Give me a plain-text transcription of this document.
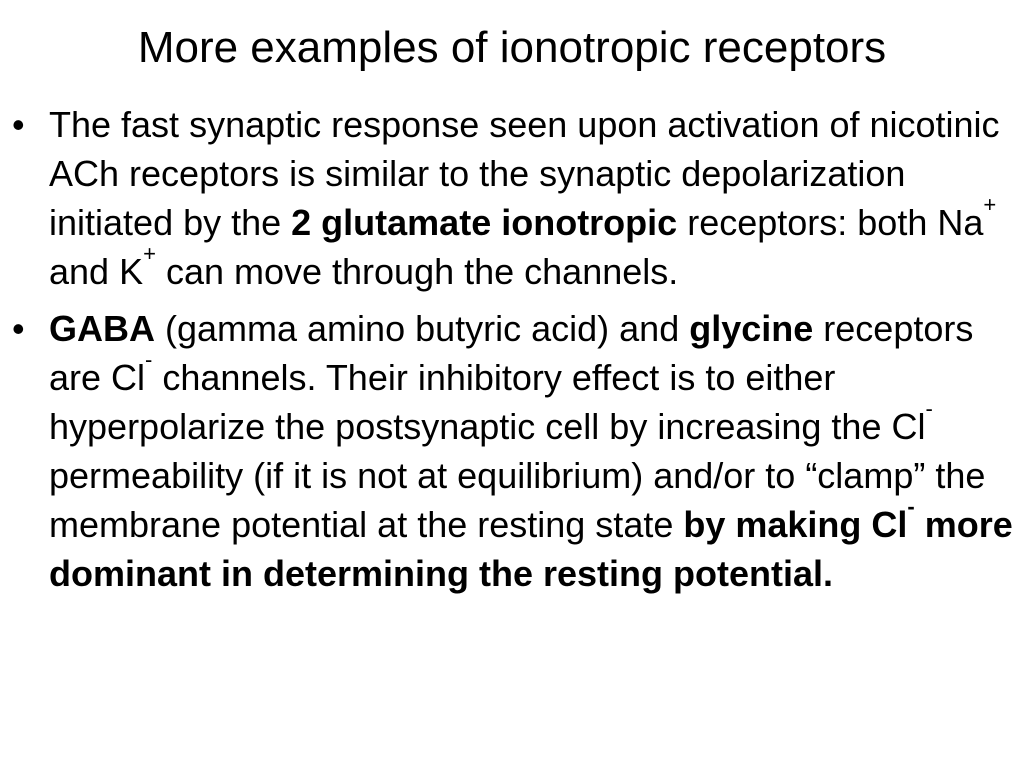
More examples of ionotropic receptors
• The fast synaptic response seen upon activation of nicotinic ACh receptors is similar to the synaptic depolarization initiated by the 2 glutamate ionotropic receptors: both Na+ and K+ can move through the channels.
• GABA (gamma amino butyric acid) and glycine receptors are Cl- channels. Their inhibitory effect is to either hyperpolarize the postsynaptic cell by increasing the Cl- permeability (if it is not at equilibrium) and/or to “clamp” the membrane potential at the resting state by making Cl- more dominant in determining the resting potential.
